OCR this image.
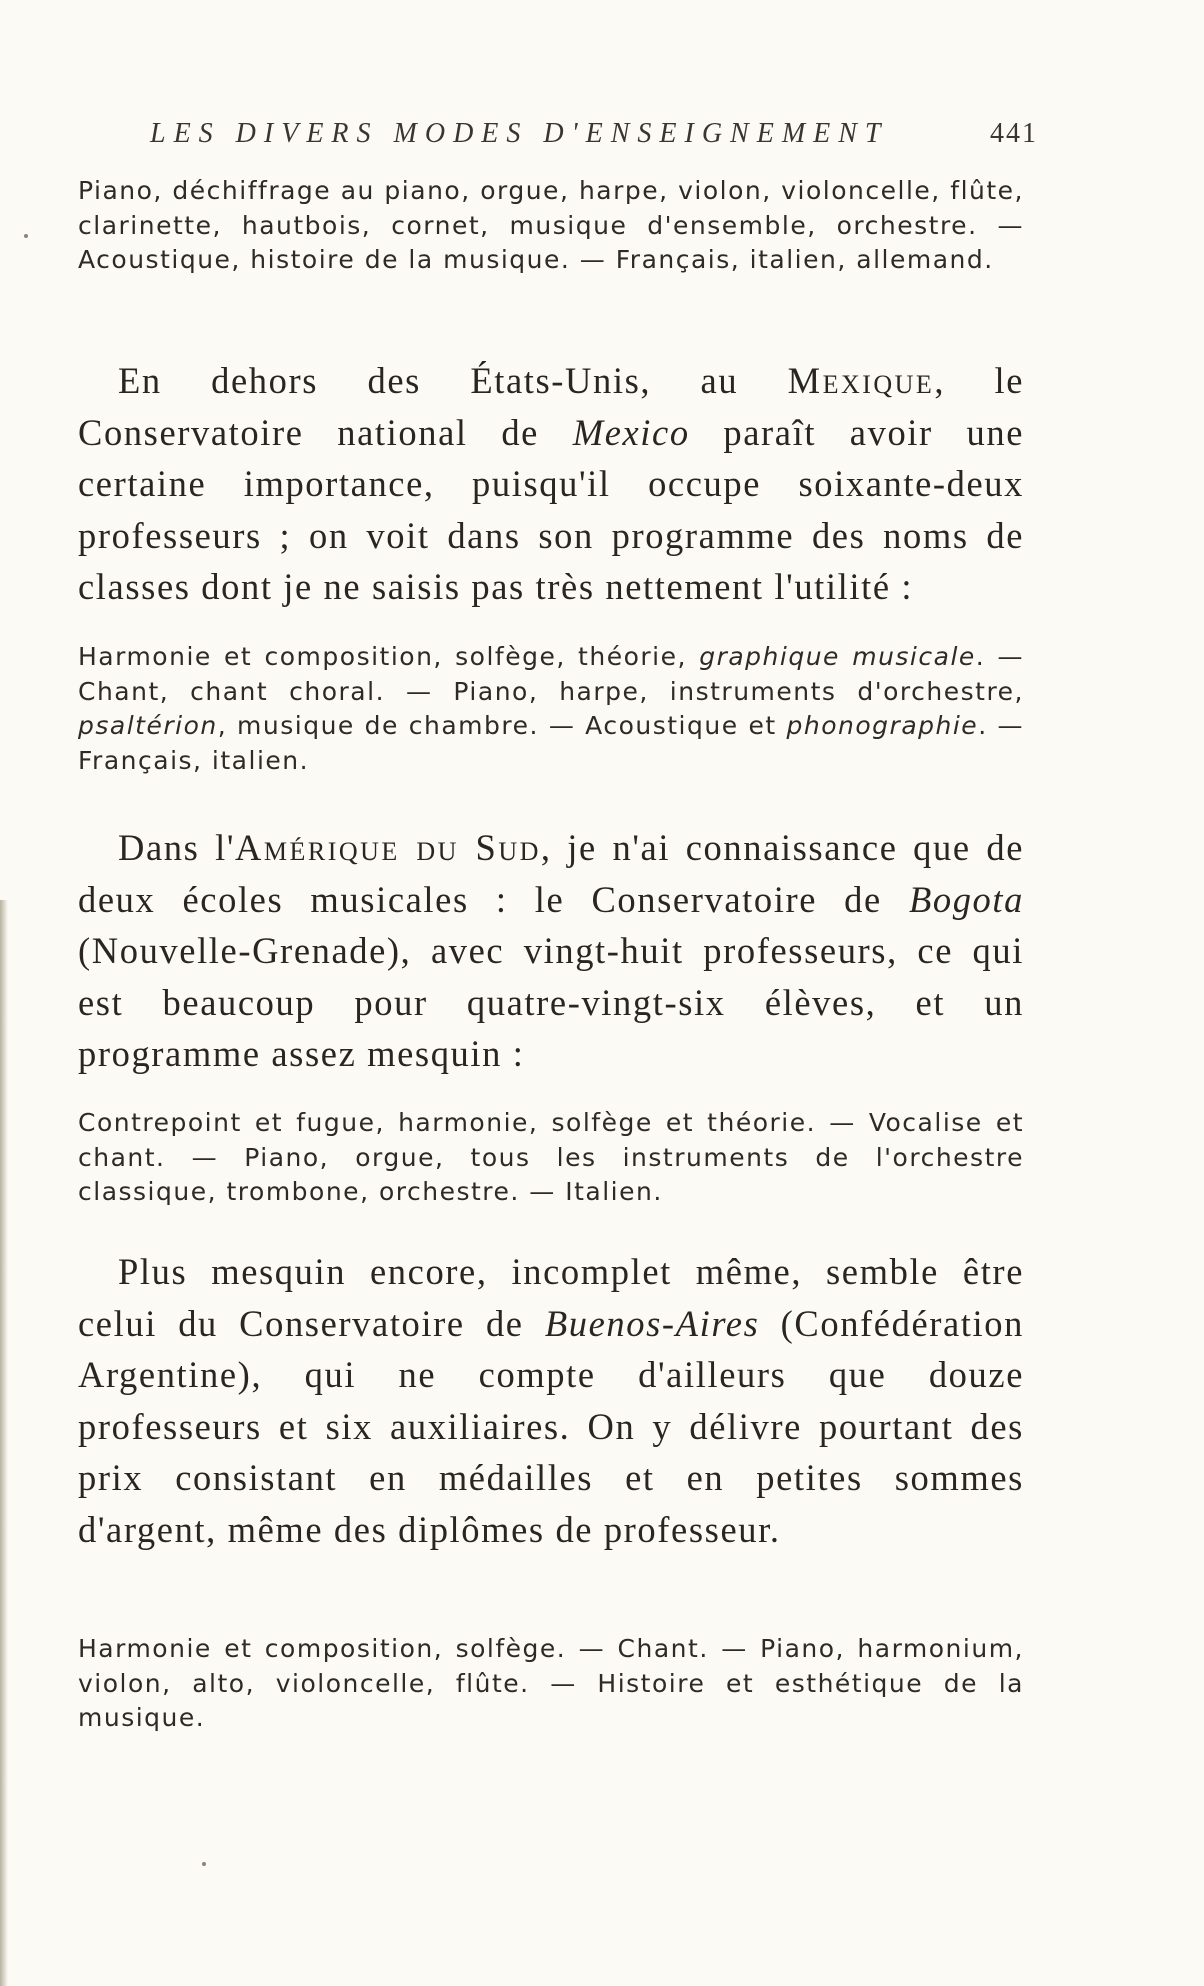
LES DIVERS MODES D'ENSEIGNEMENT	441

Piano, déchiffrage au piano, orgue, harpe, violon, violoncelle, flûte, clarinette, hautbois, cornet, musique d'ensemble, orchestre. — Acoustique, histoire de la musique. — Français, italien, allemand.

En dehors des États-Unis, au Mexique, le Conservatoire national de Mexico paraît avoir une certaine importance, puisqu'il occupe soixante-deux professeurs ; on voit dans son programme des noms de classes dont je ne saisis pas très nettement l'utilité :

Harmonie et composition, solfège, théorie, graphique musicale. — Chant, chant choral. — Piano, harpe, instruments d'orchestre, psaltérion, musique de chambre. — Acoustique et phonographie. — Français, italien.

Dans l'Amérique du Sud, je n'ai connaissance que de deux écoles musicales : le Conservatoire de Bogota (Nouvelle-Grenade), avec vingt-huit professeurs, ce qui est beaucoup pour quatre-vingt-six élèves, et un programme assez mesquin :

Contrepoint et fugue, harmonie, solfège et théorie. — Vocalise et chant. — Piano, orgue, tous les instruments de l'orchestre classique, trombone, orchestre. — Italien.

Plus mesquin encore, incomplet même, semble être celui du Conservatoire de Buenos-Aires (Confédération Argentine), qui ne compte d'ailleurs que douze professeurs et six auxiliaires. On y délivre pourtant des prix consistant en médailles et en petites sommes d'argent, même des diplômes de professeur.

Harmonie et composition, solfège. — Chant. — Piano, harmonium, violon, alto, violoncelle, flûte. — Histoire et esthétique de la musique.
